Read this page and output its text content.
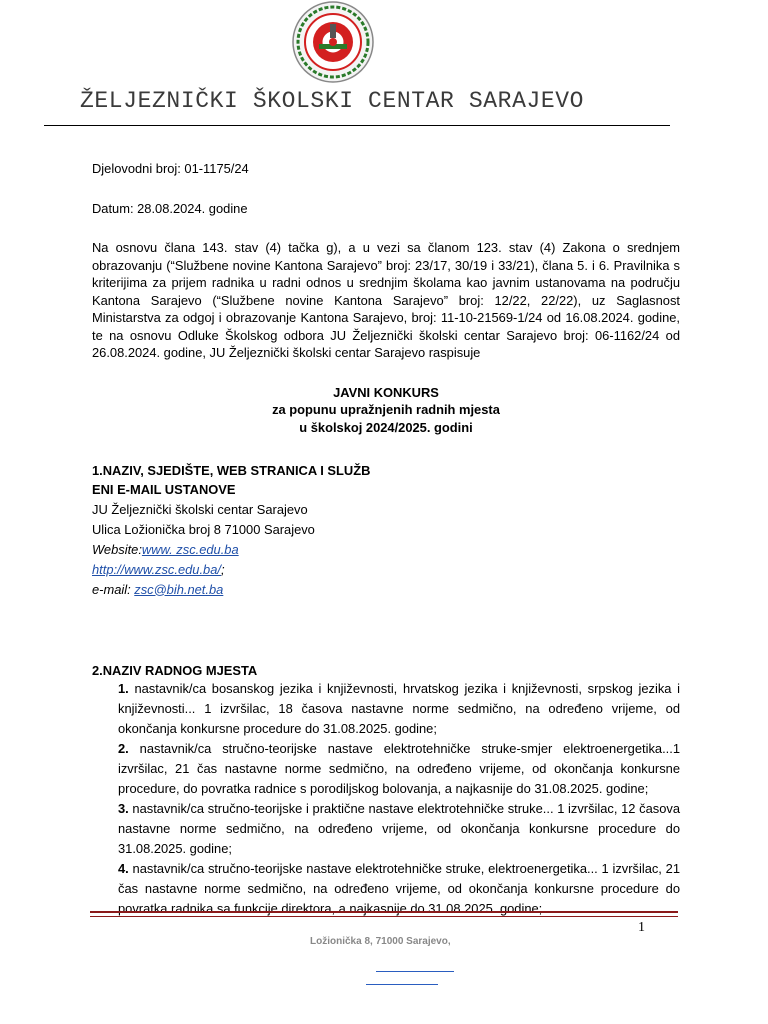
ŽELJEZNIČKI ŠKOLSKI CENTAR SARAJEVO

Djelovodni broj: 01-1175/24

Datum: 28.08.2024. godine

Na osnovu člana 143. stav (4) tačka g), a u vezi sa članom 123. stav (4) Zakona o srednjem obrazovanju (“Službene novine Kantona Sarajevo” broj: 23/17, 30/19 i 33/21), člana 5. i 6. Pravilnika s kriterijima za prijem radnika u radni odnos u srednjim školama kao javnim ustanovama na području Kantona Sarajevo (“Službene novine Kantona Sarajevo” broj: 12/22, 22/22), uz Saglasnost Ministarstva za odgoj i obrazovanje Kantona Sarajevo, broj: 11-10-21569-1/24 od 16.08.2024. godine, te na osnovu Odluke Školskog odbora JU Željeznički školski centar Sarajevo broj: 06-1162/24 od 26.08.2024. godine, JU Željeznički školski centar Sarajevo raspisuje

JAVNI KONKURS

za popunu upražnjenih radnih mjesta

u školskoj 2024/2025. godini

1.NAZIV, SJEDIŠTE, WEB STRANICA I SLUŽB

ENI E-MAIL USTANOVE

JU Željeznički školski centar Sarajevo

Ulica Ložionička broj 8 71000 Sarajevo

Website:www. zsc.edu.ba

http://www.zsc.edu.ba/;

e-mail: zsc@bih.net.ba

2.NAZIV RADNOG MJESTA

1. nastavnik/ca bosanskog jezika i književnosti, hrvatskog jezika i književnosti, srpskog jezika i književnosti... 1 izvršilac, 18 časova nastavne norme sedmično, na određeno vrijeme, od okončanja konkursne procedure do 31.08.2025. godine;

2. nastavnik/ca stručno-teorijske nastave elektrotehničke struke-smjer elektroenergetika...1 izvršilac, 21 čas nastavne norme sedmično, na određeno vrijeme, od okončanja konkursne procedure, do povratka radnice s porodiljskog bolovanja, a najkasnije do 31.08.2025. godine;

3. nastavnik/ca stručno-teorijske i praktične nastave elektrotehničke struke... 1 izvršilac, 12 časova nastavne norme sedmično, na određeno vrijeme, od okončanja konkursne procedure do 31.08.2025. godine;

4. nastavnik/ca stručno-teorijske nastave elektrotehničke struke, elektroenergetika... 1 izvršilac, 21 čas nastavne norme sedmično, na određeno vrijeme, od okončanja konkursne procedure do povratka radnika sa funkcije direktora, a najkasnije do 31.08.2025. godine;

1
Ložionička 8, 71000 Sarajevo,
